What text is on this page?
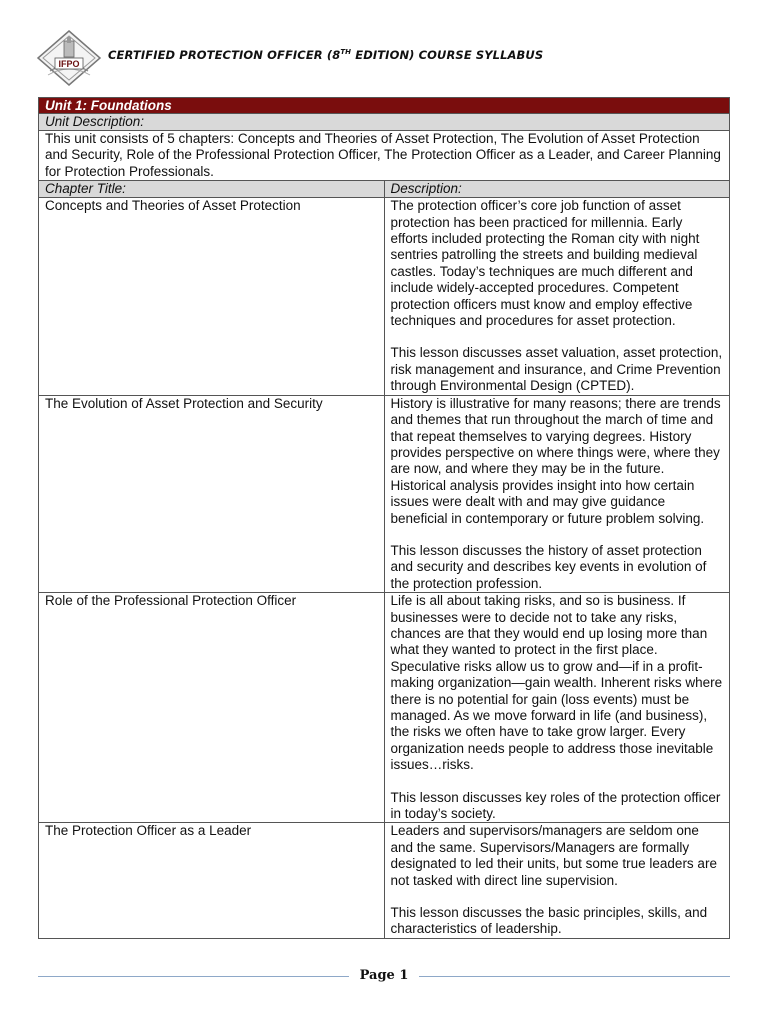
IFPO
CERTIFIED PROTECTION OFFICER (8TH EDITION) COURSE SYLLABUS
Unit 1: Foundations	
Unit Description:	
This unit consists of 5 chapters: Concepts and Theories of Asset Protection, The Evolution of Asset Protection and Security, Role of the Professional Protection Officer, The Protection Officer as a Leader, and Career Planning for Protection Professionals.	
Chapter Title:	Description:
Concepts and Theories of Asset Protection	The protection officer’s core job function of asset protection has been practiced for millennia. Early efforts included protecting the Roman city with night sentries patrolling the streets and building medieval castles. Today’s techniques are much different and include widely-accepted procedures. Competent protection officers must know and employ effective techniques and procedures for asset protection.

This lesson discusses asset valuation, asset protection, risk management and insurance, and Crime Prevention through Environmental Design (CPTED).

The Evolution of Asset Protection and Security	History is illustrative for many reasons; there are trends and themes that run throughout the march of time and that repeat themselves to varying degrees. History provides perspective on where things were, where they are now, and where they may be in the future. Historical analysis provides insight into how certain issues were dealt with and may give guidance beneficial in contemporary or future problem solving.

This lesson discusses the history of asset protection and security and describes key events in evolution of the protection profession.

Role of the Professional Protection Officer	Life is all about taking risks, and so is business. If businesses were to decide not to take any risks, chances are that they would end up losing more than what they wanted to protect in the first place. Speculative risks allow us to grow and—if in a profit-making organization—gain wealth. Inherent risks where there is no potential for gain (loss events) must be managed. As we move forward in life (and business), the risks we often have to take grow larger. Every organization needs people to address those inevitable issues…risks.

This lesson discusses key roles of the protection officer in today’s society.

The Protection Officer as a Leader	Leaders and supervisors/managers are seldom one and the same. Supervisors/Managers are formally designated to led their units, but some true leaders are not tasked with direct line supervision.

This lesson discusses the basic principles, skills, and characteristics of leadership.

Page 1
